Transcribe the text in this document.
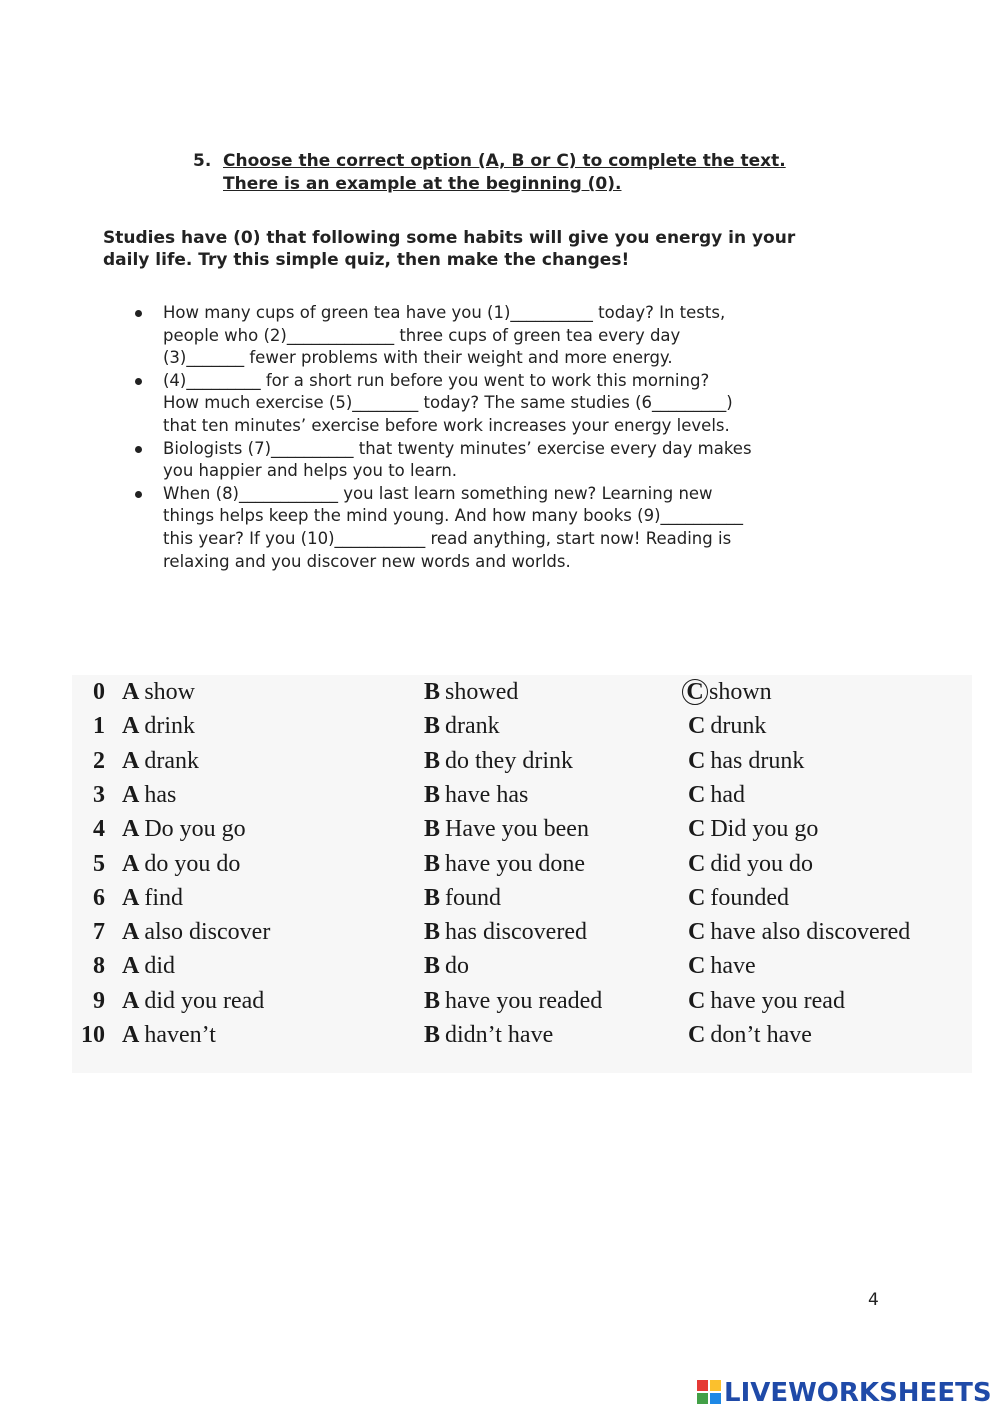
5. Choose the correct option (A, B or C) to complete the text.
There is an example at the beginning (0).
Studies have (0) that following some habits will give you energy in your
daily life. Try this simple quiz, then make the changes!
How many cups of green tea have you (1)__________ today? In tests,
people who (2)_____________ three cups of green tea every day
(3)_______ fewer problems with their weight and more energy.
(4)_________ for a short run before you went to work this morning?
How much exercise (5)________ today? The same studies (6_________)
that ten minutes’ exercise before work increases your energy levels.
Biologists (7)__________ that twenty minutes’ exercise every day makes
you happier and helps you to learn.
When (8)____________ you last learn something new? Learning new
things helps keep the mind young. And how many books (9)__________
this year? If you (10)___________ read anything, start now! Reading is
relaxing and you discover new words and worlds.
0 A show	B showed	C shown
1 A drink	B drank	C drunk
2 A drank	B do they drink	C has drunk
3 A has	B have has	C had
4 A Do you go	B Have you been	C Did you go
5 A do you do	B have you done	C did you do
6 A find	B found	C founded
7 A also discover	B has discovered	C have also discovered
8 A did	B do	C have
9 A did you read	B have you readed	C have you read
10 A haven’t	B didn’t have	C don’t have
4
LIVEWORKSHEETS
